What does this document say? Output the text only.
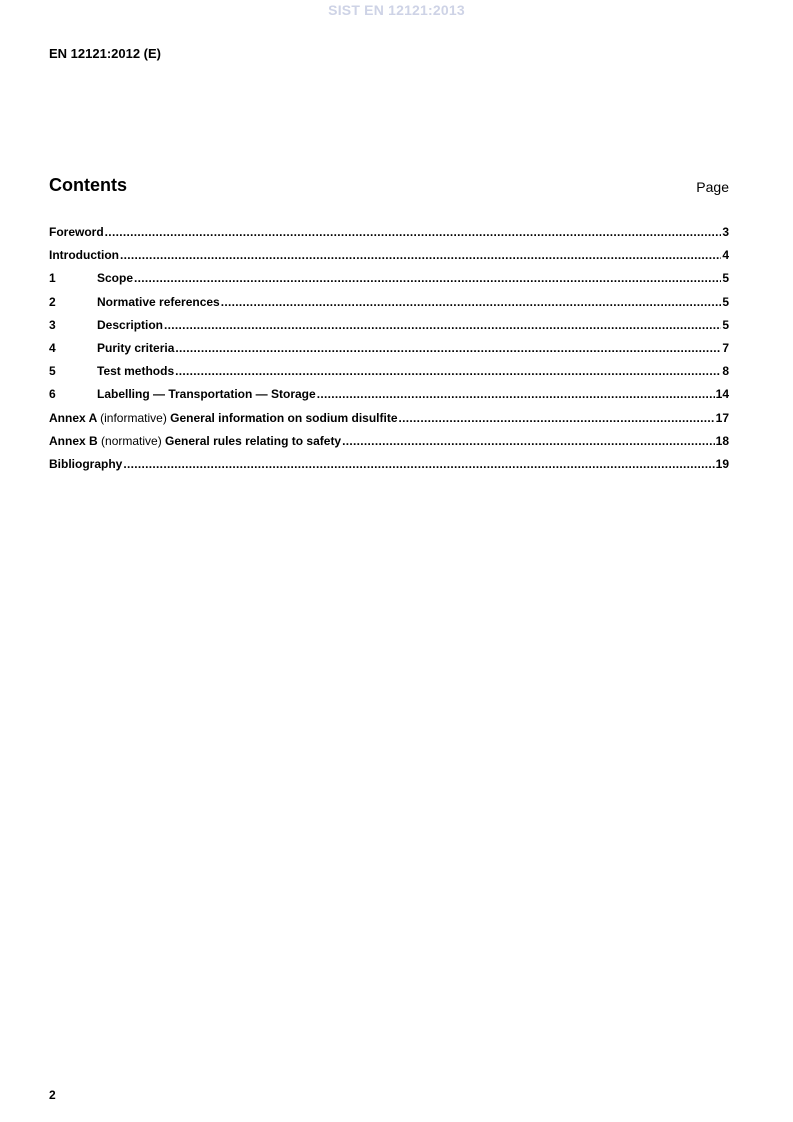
SIST EN 12121:2013
EN 12121:2012 (E)
Contents	Page
Foreword .....	3
Introduction .....	4
1	Scope .....	5
2	Normative references .....	5
3	Description .....	5
4	Purity criteria .....	7
5	Test methods .....	8
6	Labelling — Transportation — Storage .....	14
Annex A (informative) General information on sodium disulfite .....	17
Annex B (normative) General rules relating to safety .....	18
Bibliography .....	19
2
